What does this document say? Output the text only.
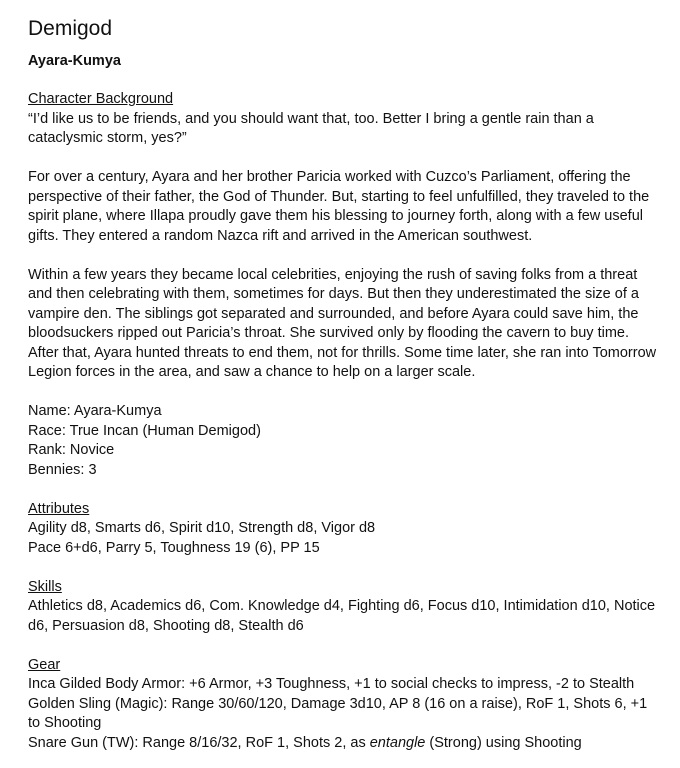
Demigod
Ayara-Kumya
Character Background

“I’d like us to be friends, and you should want that, too. Better I bring a gentle rain than a cataclysmic storm, yes?”

For over a century, Ayara and her brother Paricia worked with Cuzco’s Parliament, offering the perspective of their father, the God of Thunder. But, starting to feel unfulfilled, they traveled to the spirit plane, where Illapa proudly gave them his blessing to journey forth, along with a few useful gifts. They entered a random Nazca rift and arrived in the American southwest.

Within a few years they became local celebrities, enjoying the rush of saving folks from a threat and then celebrating with them, sometimes for days. But then they underestimated the size of a vampire den. The siblings got separated and surrounded, and before Ayara could save him, the bloodsuckers ripped out Paricia’s throat. She survived only by flooding the cavern to buy time. After that, Ayara hunted threats to end them, not for thrills. Some time later, she ran into Tomorrow Legion forces in the area, and saw a chance to help on a larger scale.

Name: Ayara-Kumya
Race: True Incan (Human Demigod)
Rank: Novice
Bennies: 3
Attributes
Agility d8, Smarts d6, Spirit d10, Strength d8, Vigor d8
Pace 6+d6, Parry 5, Toughness 19 (6), PP 15
Skills

Athletics d8, Academics d6, Com. Knowledge d4, Fighting d6, Focus d10, Intimidation d10, Notice d6, Persuasion d8, Shooting d8, Stealth d6

Gear

Inca Gilded Body Armor: +6 Armor, +3 Toughness, +1 to social checks to impress, -2 to Stealth

Golden Sling (Magic): Range 30/60/120, Damage 3d10, AP 8 (16 on a raise), RoF 1, Shots 6, +1 to Shooting

Snare Gun (TW): Range 8/16/32, RoF 1, Shots 2, as entangle (Strong) using Shooting
